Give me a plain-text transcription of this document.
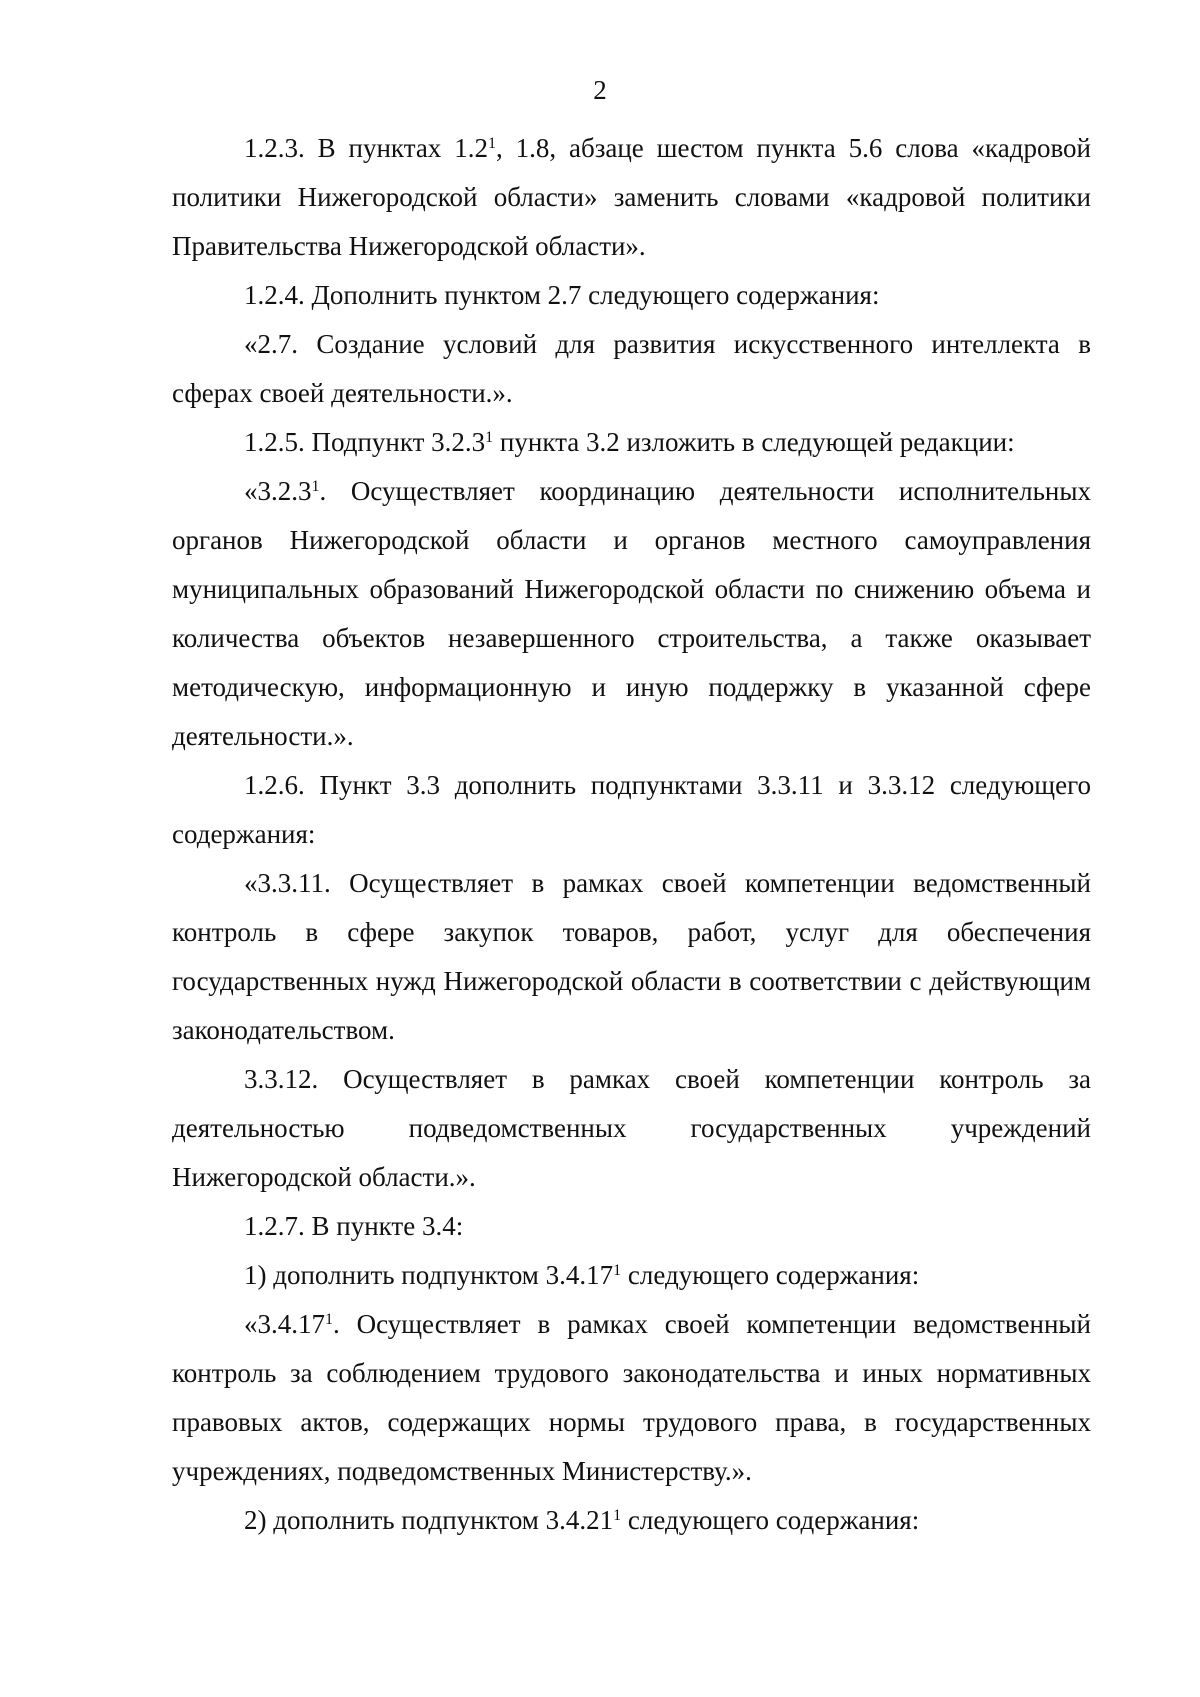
2

1.2.3. В пунктах $1.2^1$, 1.8, абзаце шестом пункта 5.6 слова «кадровой политики Нижегородской области» заменить словами «кадровой политики Правительства Нижегородской области».

1.2.4. Дополнить пунктом 2.7 следующего содержания:

«2.7. Создание условий для развития искусственного интеллекта в сферах своей деятельности.».

1.2.5. Подпункт 3.2.3$^1$ пункта 3.2 изложить в следующей редакции:

«3.2.3$^1$. Осуществляет координацию деятельности исполнительных органов Нижегородской области и органов местного самоуправления муниципальных образований Нижегородской области по снижению объема и количества объектов незавершенного строительства, а также оказывает методическую, информационную и иную поддержку в указанной сфере деятельности.».

1.2.6. Пункт 3.3 дополнить подпунктами 3.3.11 и 3.3.12 следующего содержания:

«3.3.11. Осуществляет в рамках своей компетенции ведомственный контроль в сфере закупок товаров, работ, услуг для обеспечения государственных нужд Нижегородской области в соответствии с действующим законодательством.

3.3.12. Осуществляет в рамках своей компетенции контроль за деятельностью подведомственных государственных учреждений Нижегородской области.».

1.2.7. В пункте 3.4:

1) дополнить подпунктом 3.4.17$^1$ следующего содержания:

«3.4.17$^1$. Осуществляет в рамках своей компетенции ведомственный контроль за соблюдением трудового законодательства и иных нормативных правовых актов, содержащих нормы трудового права, в государственных учреждениях, подведомственных Министерству.».

2) дополнить подпунктом 3.4.21$^1$ следующего содержания:
